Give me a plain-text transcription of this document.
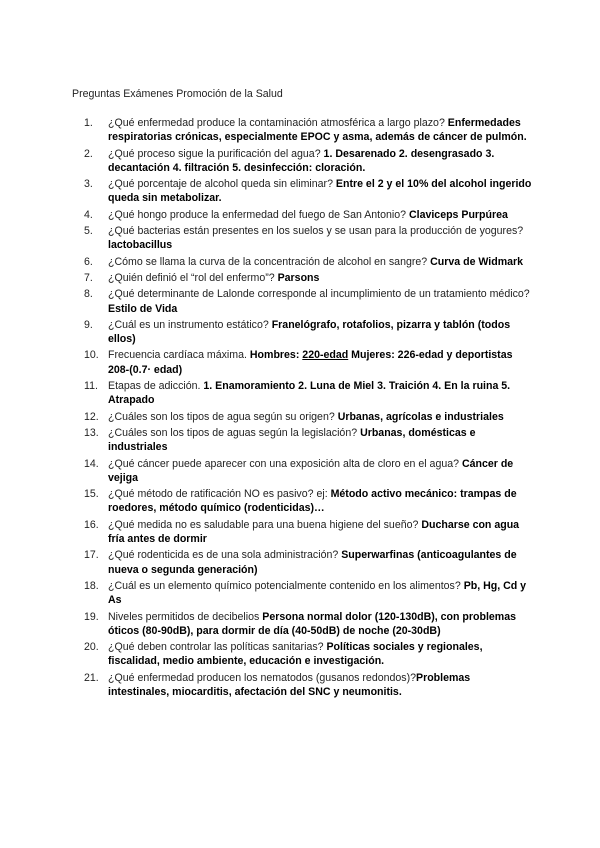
Preguntas Exámenes Promoción de la Salud
1. ¿Qué enfermedad produce la contaminación atmosférica a largo plazo? Enfermedades respiratorias crónicas, especialmente EPOC y asma, además de cáncer de pulmón.
2. ¿Qué proceso sigue la purificación del agua? 1. Desarenado 2. desengrasado 3. decantación 4. filtración 5. desinfección: cloración.
3. ¿Qué porcentaje de alcohol queda sin eliminar? Entre el 2 y el 10% del alcohol ingerido queda sin metabolizar.
4. ¿Qué hongo produce la enfermedad del fuego de San Antonio? Claviceps Purpúrea
5. ¿Qué bacterias están presentes en los suelos y se usan para la producción de yogures? lactobacillus
6. ¿Cómo se llama la curva de la concentración de alcohol en sangre? Curva de Widmark
7. ¿Quién definió el “rol del enfermo”? Parsons
8. ¿Qué determinante de Lalonde corresponde al incumplimiento de un tratamiento médico? Estilo de Vida
9. ¿Cuál es un instrumento estático? Franelógrafo, rotafolios, pizarra y tablón (todos ellos)
10. Frecuencia cardíaca máxima. Hombres: 220-edad Mujeres: 226-edad y deportistas 208-(0.7· edad)
11. Etapas de adicción. 1. Enamoramiento 2. Luna de Miel 3. Traición 4. En la ruina 5. Atrapado
12. ¿Cuáles son los tipos de agua según su origen? Urbanas, agrícolas e industriales
13. ¿Cuáles son los tipos de aguas según la legislación? Urbanas, domésticas e industriales
14. ¿Qué cáncer puede aparecer con una exposición alta de cloro en el agua? Cáncer de vejiga
15. ¿Qué método de ratificación NO es pasivo? ej: Método activo mecánico: trampas de roedores, método químico (rodenticidas)…
16. ¿Qué medida no es saludable para una buena higiene del sueño? Ducharse con agua fría antes de dormir
17. ¿Qué rodenticida es de una sola administración? Superwarfinas (anticoagulantes de nueva o segunda generación)
18. ¿Cuál es un elemento químico potencialmente contenido en los alimentos? Pb, Hg, Cd y As
19. Niveles permitidos de decibelios Persona normal dolor (120-130dB), con problemas óticos (80-90dB), para dormir de día (40-50dB) de noche (20-30dB)
20. ¿Qué deben controlar las políticas sanitarias? Políticas sociales y regionales, fiscalidad, medio ambiente, educación e investigación.
21. ¿Qué enfermedad producen los nematodos (gusanos redondos)?Problemas intestinales, miocarditis, afectación del SNC y neumonitis.
